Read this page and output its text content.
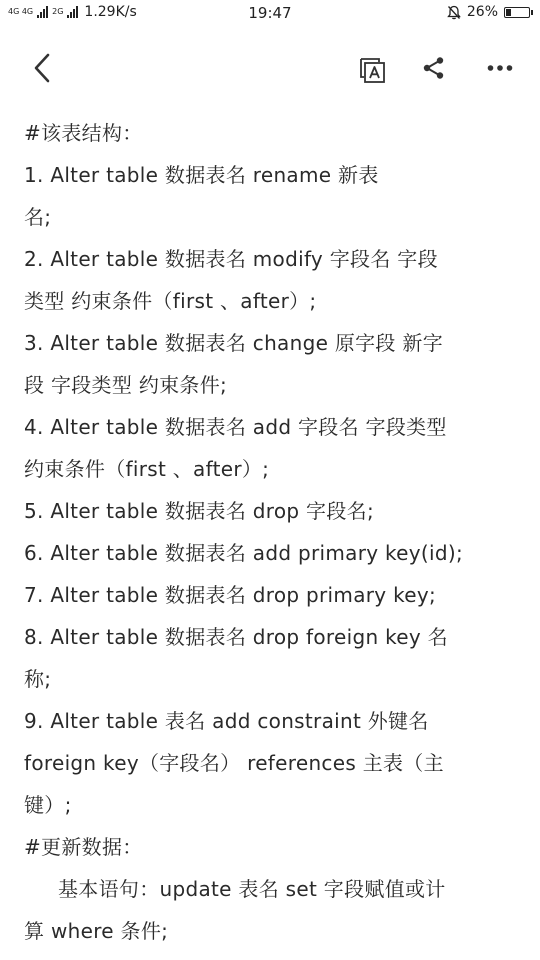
4G 4G 2G 1.29K/s	19:47	26%
#该表结构：
1. Alter table 数据表名 rename 新表
名;
2. Alter table 数据表名 modify 字段名 字段
类型 约束条件（first 、after）;
3. Alter table 数据表名 change 原字段 新字
段 字段类型 约束条件;
4. Alter table 数据表名 add 字段名 字段类型
约束条件（first 、after）;
5. Alter table 数据表名 drop 字段名;
6. Alter table 数据表名 add primary key(id);
7. Alter table 数据表名 drop primary key;
8. Alter table 数据表名 drop foreign key 名
称;
9. Alter table 表名 add constraint 外键名
foreign key（字段名） references 主表（主
键）;
#更新数据：
基本语句：update 表名 set 字段赋值或计
算 where 条件;
